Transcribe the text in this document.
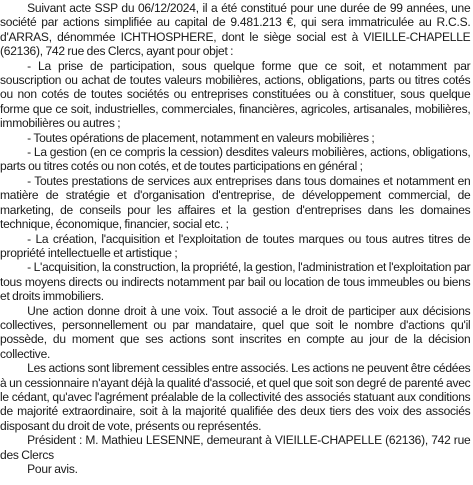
Suivant acte SSP du 06/12/2024, il a été constitué pour une durée de 99 années, une société par actions simplifiée au capital de 9.481.213 €, qui sera immatriculée au R.C.S. d'ARRAS, dénommée ICHTHOSPHERE, dont le siège social est à VIEILLE-CHAPELLE (62136), 742 rue des Clercs, ayant pour objet :

- La prise de participation, sous quelque forme que ce soit, et notamment par souscription ou achat de toutes valeurs mobilières, actions, obligations, parts ou titres cotés ou non cotés de toutes sociétés ou entreprises constituées ou à constituer, sous quelque forme que ce soit, industrielles, commerciales, financières, agricoles, artisanales, mobilières, immobilières ou autres ;

- Toutes opérations de placement, notamment en valeurs mobilières ;

- La gestion (en ce compris la cession) desdites valeurs mobilières, actions, obligations, parts ou titres cotés ou non cotés, et de toutes participations en général ;

- Toutes prestations de services aux entreprises dans tous domaines et notamment en matière de stratégie et d'organisation d'entreprise, de développement commercial, de marketing, de conseils pour les affaires et la gestion d'entreprises dans les domaines technique, économique, financier, social etc. ;

- La création, l'acquisition et l'exploitation de toutes marques ou tous autres titres de propriété intellectuelle et artistique ;

- L'acquisition, la construction, la propriété, la gestion, l'administration et l'exploitation par tous moyens directs ou indirects notamment par bail ou location de tous immeubles ou biens et droits immobiliers.

Une action donne droit à une voix. Tout associé a le droit de participer aux décisions collectives, personnellement ou par mandataire, quel que soit le nombre d'actions qu'il possède, du moment que ses actions sont inscrites en compte au jour de la décision collective.

Les actions sont librement cessibles entre associés. Les actions ne peuvent être cédées à un cessionnaire n'ayant déjà la qualité d'associé, et quel que soit son degré de parenté avec le cédant, qu'avec l'agrément préalable de la collectivité des associés statuant aux conditions de majorité extraordinaire, soit à la majorité qualifiée des deux tiers des voix des associés disposant du droit de vote, présents ou représentés.

Président : M. Mathieu LESENNE, demeurant à VIEILLE-CHAPELLE (62136), 742 rue des Clercs

Pour avis.
